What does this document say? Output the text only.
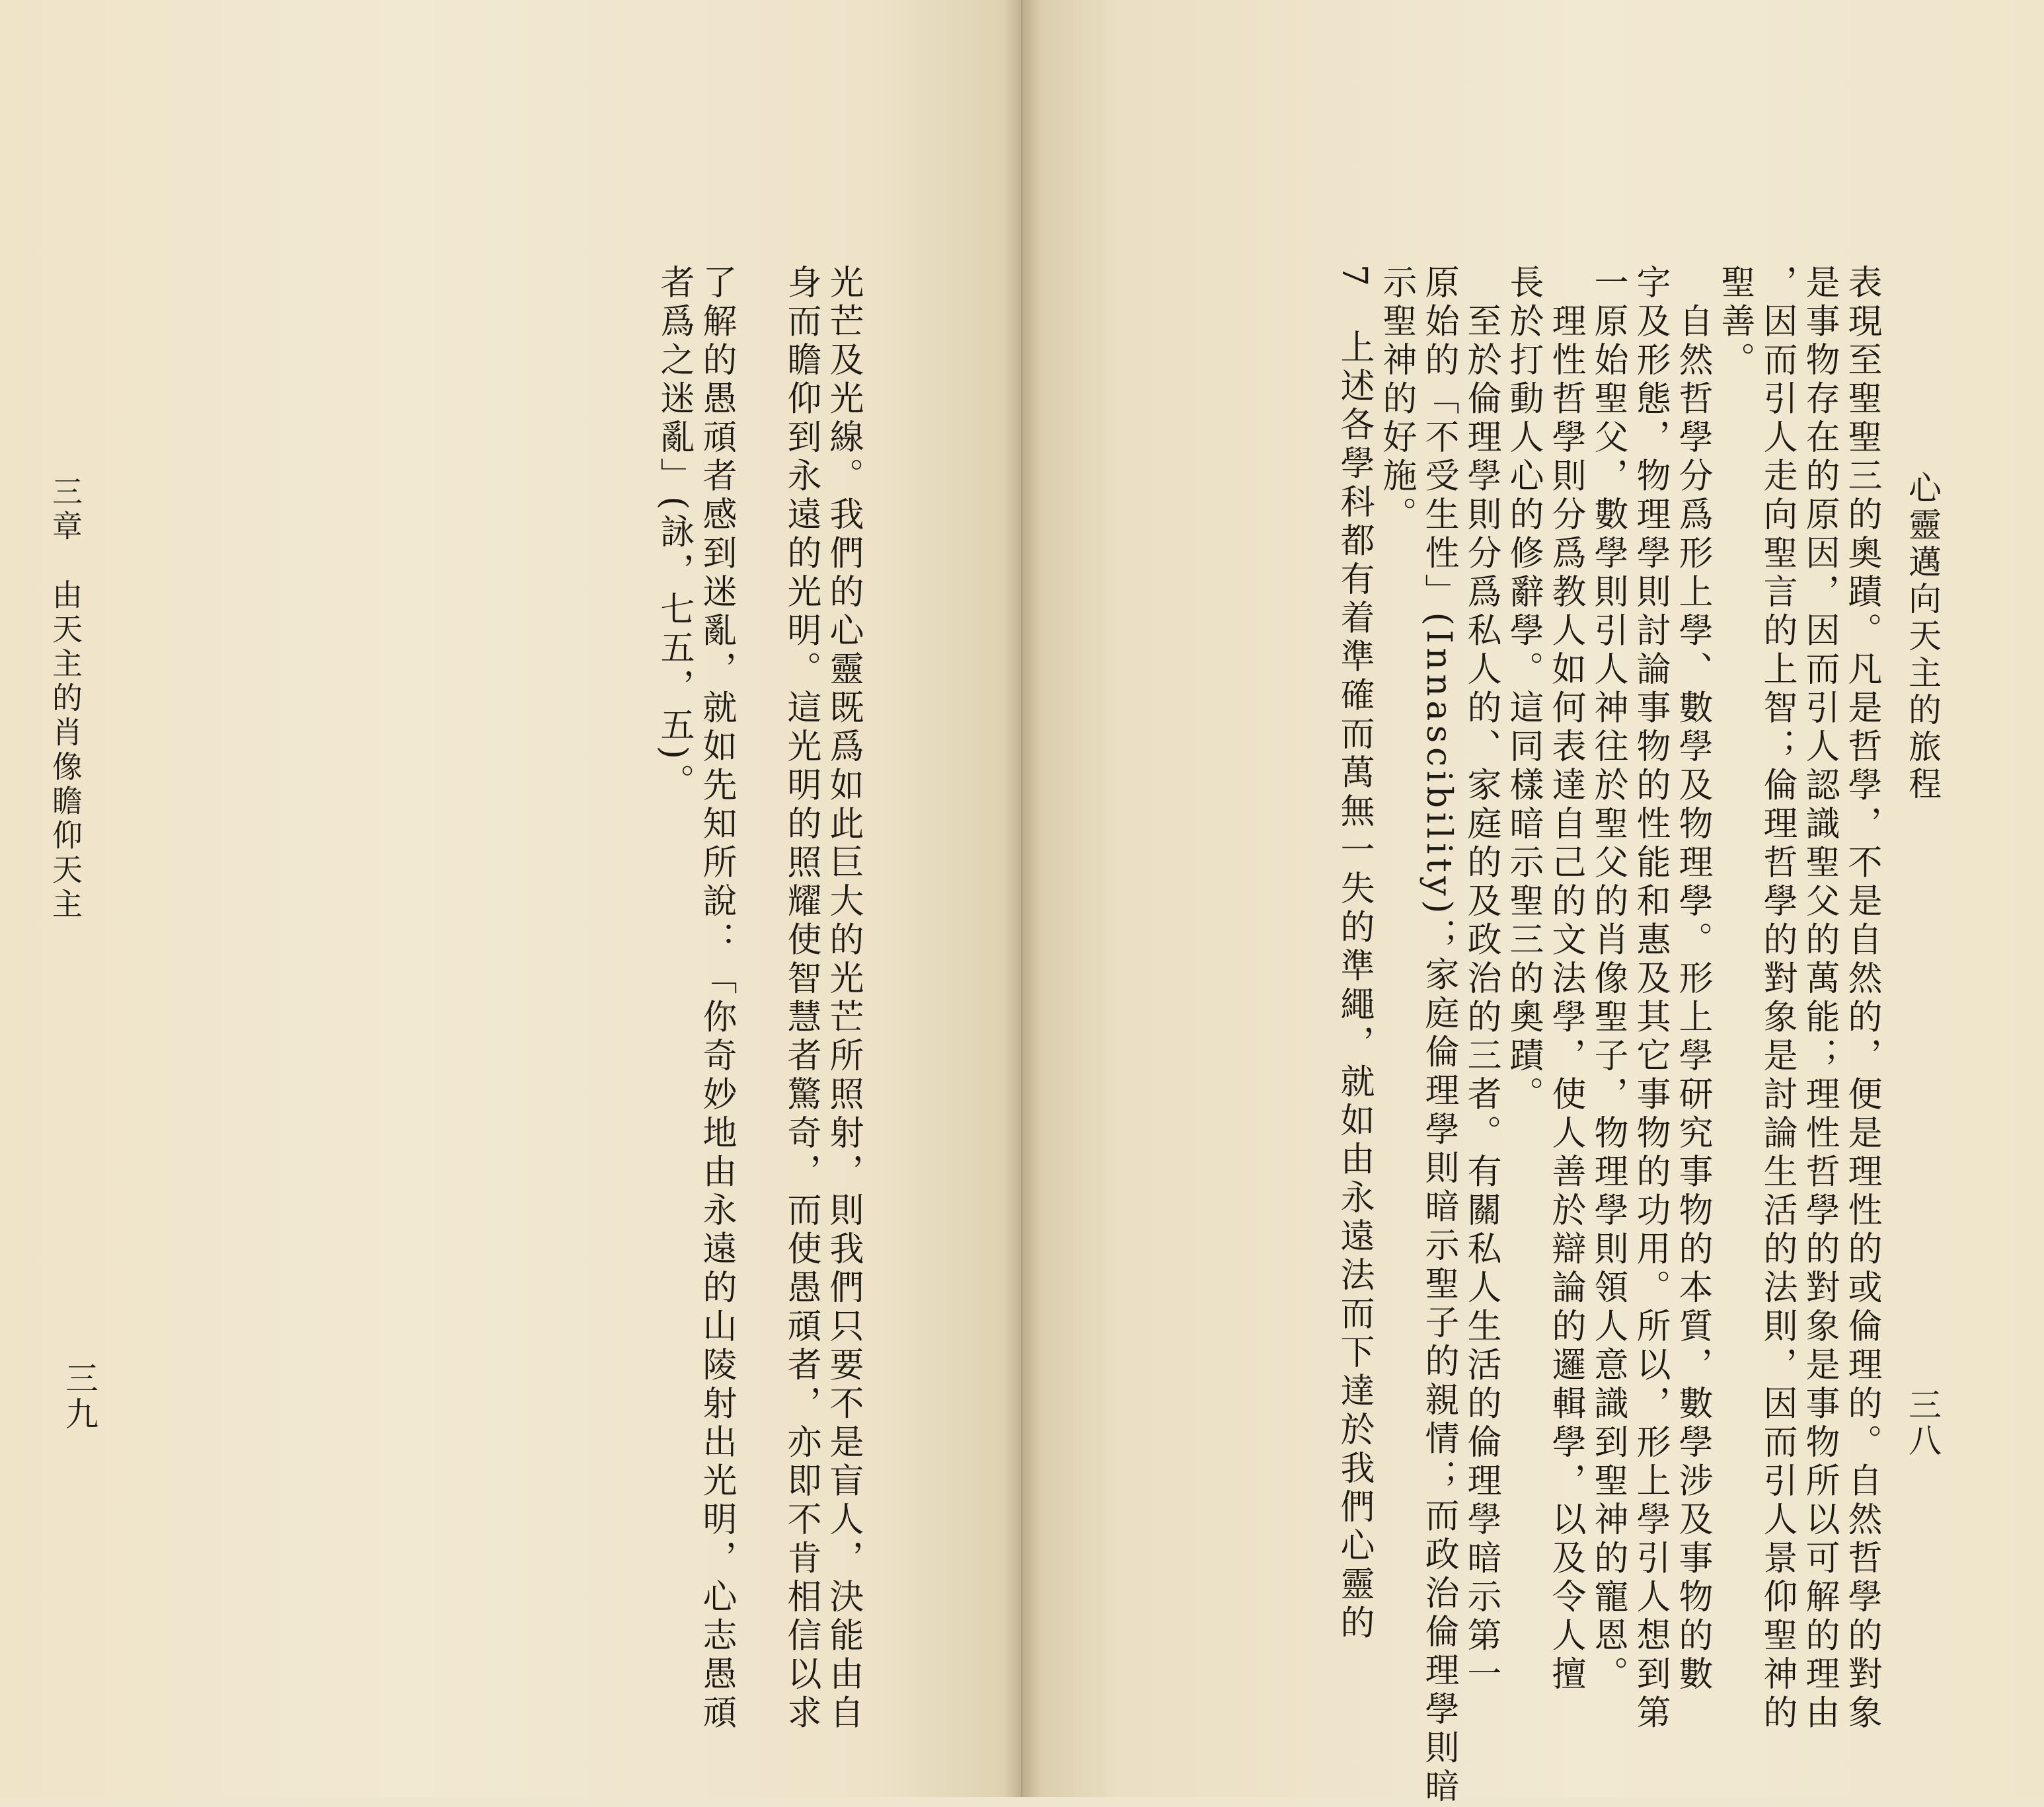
心靈邁向天主的旅程
三八
表現至聖聖三的奧蹟。凡是哲學，不是自然的，便是理性的或倫理的。自然哲學的對象
是事物存在的原因，因而引人認識聖父的萬能；理性哲學的對象是事物所以可解的理由
，因而引人走向聖言的上智；倫理哲學的對象是討論生活的法則，因而引人景仰聖神的
聖善。
　自然哲學分爲形上學、數學及物理學。形上學研究事物的本質，數學涉及事物的數
字及形態，物理學則討論事物的性能和惠及其它事物的功用。所以，形上學引人想到第
一原始聖父，數學則引人神往於聖父的肖像聖子，物理學則領人意識到聖神的寵恩。
　理性哲學則分爲教人如何表達自己的文法學，使人善於辯論的邏輯學，以及令人擅
長於打動人心的修辭學。這同樣暗示聖三的奧蹟。
　至於倫理學則分爲私人的、家庭的及政治的三者。有關私人生活的倫理學暗示第一
原始的「不受生性」(Innascibility)；家庭倫理學則暗示聖子的親情；而政治倫理學則暗
示聖神的好施。
7　上述各學科都有着準確而萬無一失的準繩，就如由永遠法而下達於我們心靈的
光芒及光線。我們的心靈既爲如此巨大的光芒所照射，則我們只要不是盲人，決能由自
身而瞻仰到永遠的光明。這光明的照耀使智慧者驚奇，而使愚頑者，亦即不肯相信以求
了解的愚頑者感到迷亂，就如先知所說：「你奇妙地由永遠的山陵射出光明，心志愚頑
者爲之迷亂」(詠，七五，五)。
三章　由天主的肖像瞻仰天主
三九
